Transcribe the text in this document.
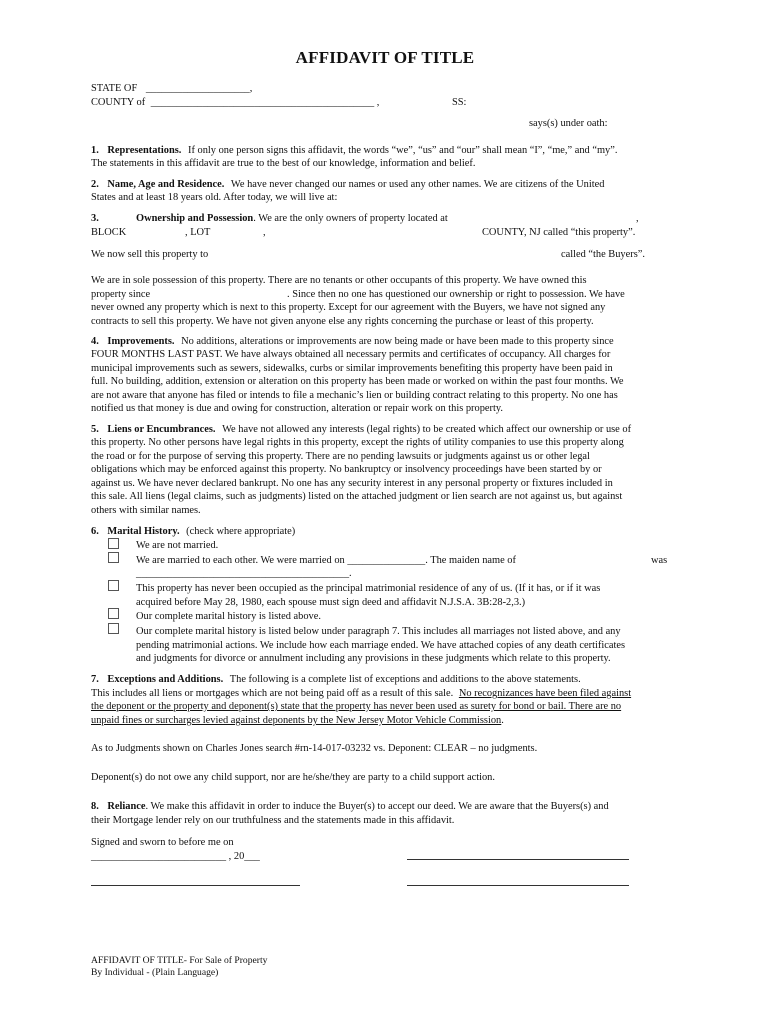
AFFIDAVIT OF TITLE
STATE OF ____________________,
COUNTY of ___________________________________________ ,	SS:
says(s) under oath:
1. Representations. If only one person signs this affidavit, the words “we”, “us” and “our” shall mean “I”, “me,” and “my”.
The statements in this affidavit are true to the best of our knowledge, information and belief.
2. Name, Age and Residence. We have never changed our names or used any other names. We are citizens of the United
States and at least 18 years old. After today, we will live at:
3.	Ownership and Possession. We are the only owners of property located at	,
BLOCK	, LOT	,	COUNTY, NJ called “this property”.
We now sell this property to	called “the Buyers”.
We are in sole possession of this property. There are no tenants or other occupants of this property. We have owned this
property since	. Since then no one has questioned our ownership or right to possession. We have
never owned any property which is next to this property. Except for our agreement with the Buyers, we have not signed any
contracts to sell this property. We have not given anyone else any rights concerning the purchase or least of this property.
4. Improvements. No additions, alterations or improvements are now being made or have been made to this property since
FOUR MONTHS LAST PAST. We have always obtained all necessary permits and certificates of occupancy. All charges for
municipal improvements such as sewers, sidewalks, curbs or similar improvements benefiting this property have been paid in
full. No building, addition, extension or alteration on this property has been made or worked on within the past four months. We
are not aware that anyone has filed or intends to file a mechanic’s lien or building contract relating to this property. No one has
notified us that money is due and owing for construction, alteration or repair work on this property.
5. Liens or Encumbrances. We have not allowed any interests (legal rights) to be created which affect our ownership or use of
this property. No other persons have legal rights in this property, except the rights of utility companies to use this property along
the road or for the purpose of serving this property. There are no pending lawsuits or judgments against us or other legal
obligations which may be enforced against this property. No bankruptcy or insolvency proceedings have been started by or
against us. We have never declared bankrupt. No one has any security interest in any personal property or fixtures included in
this sale. All liens (legal claims, such as judgments) listed on the attached judgment or lien search are not against us, but against
others with similar names.
6. Marital History. (check where appropriate)
We are not married.
We are married to each other. We were married on _______________. The maiden name of	was
_________________________________________.
This property has never been occupied as the principal matrimonial residence of any of us. (If it has, or if it was
acquired before May 28, 1980, each spouse must sign deed and affidavit N.J.S.A. 3B:28-2,3.)
Our complete marital history is listed above.
Our complete marital history is listed below under paragraph 7. This includes all marriages not listed above, and any
pending matrimonial actions. We include how each marriage ended. We have attached copies of any death certificates
and judgments for divorce or annulment including any provisions in these judgments which relate to this property.
7. Exceptions and Additions. The following is a complete list of exceptions and additions to the above statements.
This includes all liens or mortgages which are not being paid off as a result of this sale. No recognizances have been filed against
the deponent or the property and deponent(s) state that the property has never been used as surety for bond or bail. There are no
unpaid fines or surcharges levied against deponents by the New Jersey Motor Vehicle Commission.
As to Judgments shown on Charles Jones search #rn-14-017-03232 vs. Deponent: CLEAR – no judgments.
Deponent(s) do not owe any child support, nor are he/she/they are party to a child support action.
8. Reliance. We make this affidavit in order to induce the Buyer(s) to accept our deed. We are aware that the Buyers(s) and
their Mortgage lender rely on our truthfulness and the statements made in this affidavit.
Signed and sworn to before me on
__________________________ , 20___
AFFIDAVIT OF TITLE- For Sale of Property
By Individual - (Plain Language)
